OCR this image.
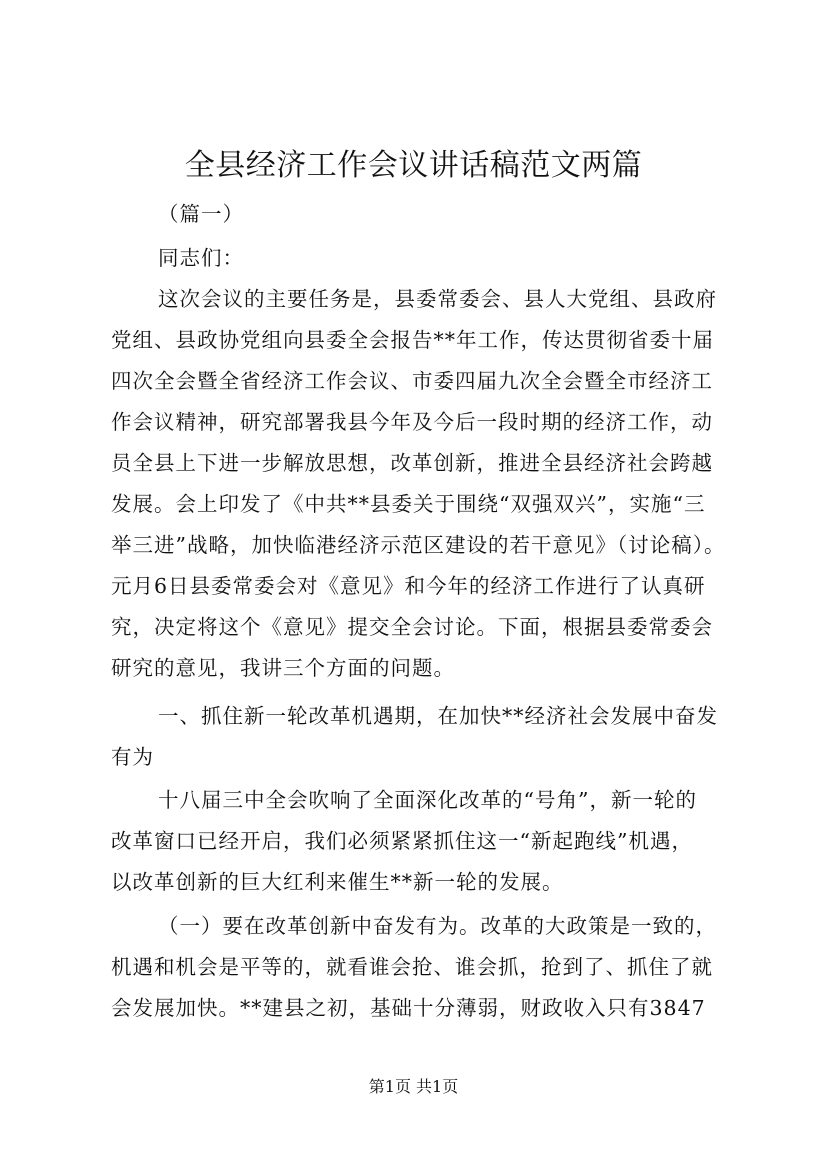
全县经济工作会议讲话稿范文两篇
（篇一）
同志们：
这次会议的主要任务是，县委常委会、县人大党组、县政府
党组、县政协党组向县委全会报告**年工作，传达贯彻省委十届
四次全会暨全省经济工作会议、市委四届九次全会暨全市经济工
作会议精神，研究部署我县今年及今后一段时期的经济工作，动
员全县上下进一步解放思想，改革创新，推进全县经济社会跨越
发展。会上印发了《中共**县委关于围绕“双强双兴”，实施“三
举三进”战略，加快临港经济示范区建设的若干意见》（讨论稿）。
元月6日县委常委会对《意见》和今年的经济工作进行了认真研
究，决定将这个《意见》提交全会讨论。下面，根据县委常委会
研究的意见，我讲三个方面的问题。
一、抓住新一轮改革机遇期，在加快**经济社会发展中奋发
有为
十八届三中全会吹响了全面深化改革的“号角”，新一轮的
改革窗口已经开启，我们必须紧紧抓住这一“新起跑线”机遇，
以改革创新的巨大红利来催生**新一轮的发展。
（一）要在改革创新中奋发有为。改革的大政策是一致的，
机遇和机会是平等的，就看谁会抢、谁会抓，抢到了、抓住了就
会发展加快。**建县之初，基础十分薄弱，财政收入只有3847
第1页 共1页
